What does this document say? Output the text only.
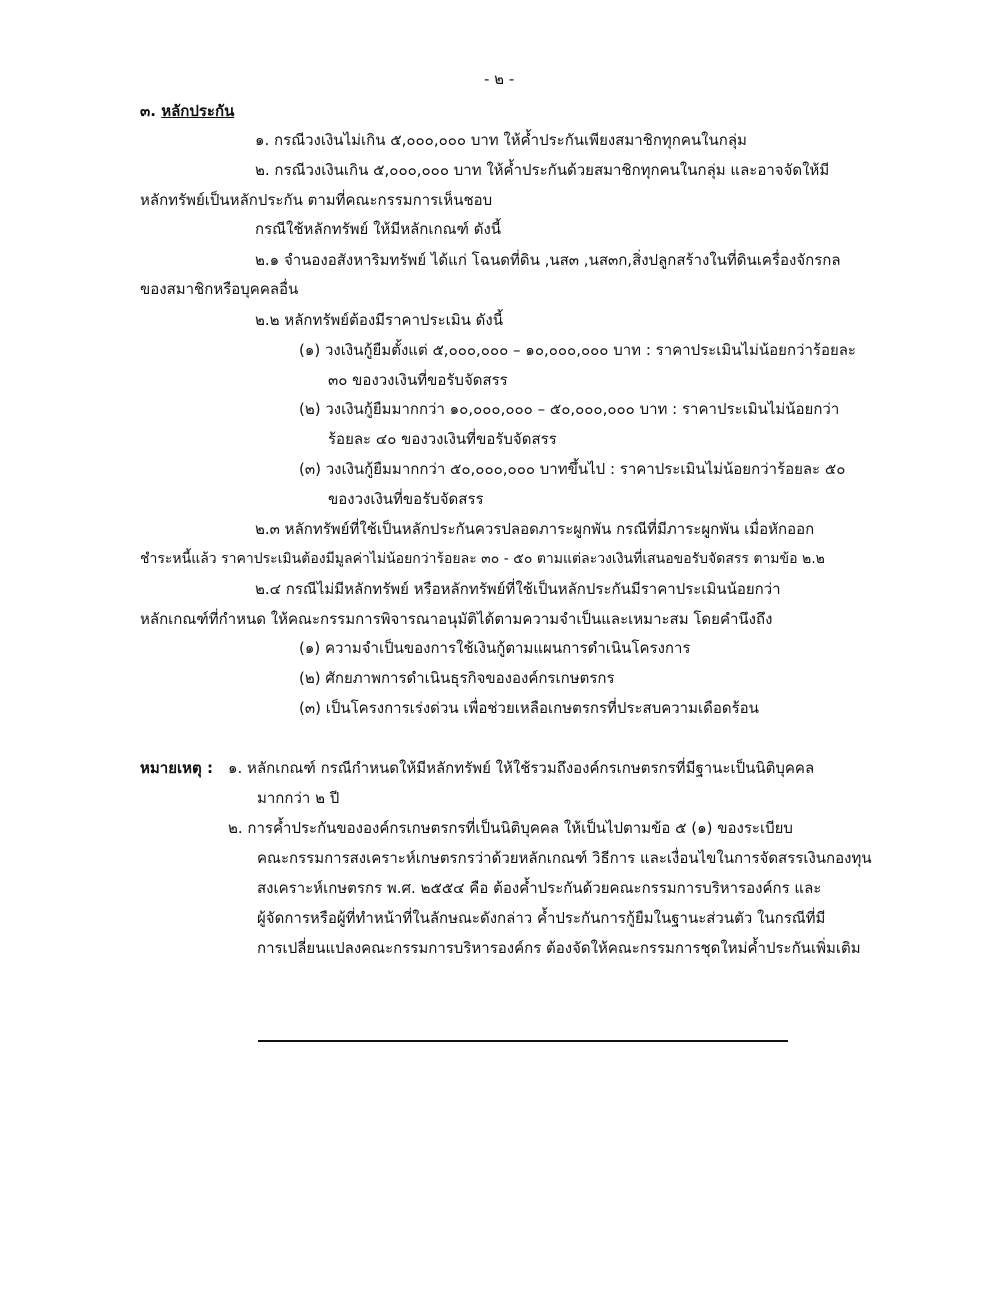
- ๒ -
๓. หลักประกัน
๑. กรณีวงเงินไม่เกิน ๕,๐๐๐,๐๐๐ บาท ให้ค้ำประกันเพียงสมาชิกทุกคนในกลุ่ม
๒. กรณีวงเงินเกิน ๕,๐๐๐,๐๐๐ บาท ให้ค้ำประกันด้วยสมาชิกทุกคนในกลุ่ม และอาจจัดให้มี
หลักทรัพย์เป็นหลักประกัน ตามที่คณะกรรมการเห็นชอบ
กรณีใช้หลักทรัพย์ ให้มีหลักเกณฑ์ ดังนี้
๒.๑ จำนองอสังหาริมทรัพย์ ได้แก่ โฉนดที่ดิน ,นส๓ ,นส๓ก,สิ่งปลูกสร้างในที่ดินเครื่องจักรกล
ของสมาชิกหรือบุคคลอื่น
๒.๒ หลักทรัพย์ต้องมีราคาประเมิน ดังนี้
(๑) วงเงินกู้ยืมตั้งแต่ ๕,๐๐๐,๐๐๐ – ๑๐,๐๐๐,๐๐๐ บาท : ราคาประเมินไม่น้อยกว่าร้อยละ
๓๐ ของวงเงินที่ขอรับจัดสรร
(๒) วงเงินกู้ยืมมากกว่า ๑๐,๐๐๐,๐๐๐ – ๕๐,๐๐๐,๐๐๐ บาท : ราคาประเมินไม่น้อยกว่า
ร้อยละ ๔๐ ของวงเงินที่ขอรับจัดสรร
(๓) วงเงินกู้ยืมมากกว่า ๕๐,๐๐๐,๐๐๐ บาทขึ้นไป : ราคาประเมินไม่น้อยกว่าร้อยละ ๕๐
ของวงเงินที่ขอรับจัดสรร
๒.๓ หลักทรัพย์ที่ใช้เป็นหลักประกันควรปลอดภาระผูกพัน กรณีที่มีภาระผูกพัน เมื่อหักออก
ชำระหนี้แล้ว ราคาประเมินต้องมีมูลค่าไม่น้อยกว่าร้อยละ ๓๐ - ๕๐ ตามแต่ละวงเงินที่เสนอขอรับจัดสรร ตามข้อ ๒.๒
๒.๔ กรณีไม่มีหลักทรัพย์ หรือหลักทรัพย์ที่ใช้เป็นหลักประกันมีราคาประเมินน้อยกว่า
หลักเกณฑ์ที่กำหนด ให้คณะกรรมการพิจารณาอนุมัติได้ตามความจำเป็นและเหมาะสม โดยคำนึงถึง
(๑) ความจำเป็นของการใช้เงินกู้ตามแผนการดำเนินโครงการ
(๒) ศักยภาพการดำเนินธุรกิจขององค์กรเกษตรกร
(๓) เป็นโครงการเร่งด่วน เพื่อช่วยเหลือเกษตรกรที่ประสบความเดือดร้อน
หมายเหตุ : ๑. หลักเกณฑ์ กรณีกำหนดให้มีหลักทรัพย์ ให้ใช้รวมถึงองค์กรเกษตรกรที่มีฐานะเป็นนิติบุคคล
มากกว่า ๒ ปี
๒. การค้ำประกันขององค์กรเกษตรกรที่เป็นนิติบุคคล ให้เป็นไปตามข้อ ๕ (๑) ของระเบียบ
คณะกรรมการสงเคราะห์เกษตรกรว่าด้วยหลักเกณฑ์ วิธีการ และเงื่อนไขในการจัดสรรเงินกองทุน
สงเคราะห์เกษตรกร พ.ศ. ๒๕๕๔ คือ ต้องค้ำประกันด้วยคณะกรรมการบริหารองค์กร และ
ผู้จัดการหรือผู้ที่ทำหน้าที่ในลักษณะดังกล่าว ค้ำประกันการกู้ยืมในฐานะส่วนตัว ในกรณีที่มี
การเปลี่ยนแปลงคณะกรรมการบริหารองค์กร ต้องจัดให้คณะกรรมการชุดใหม่ค้ำประกันเพิ่มเติม
